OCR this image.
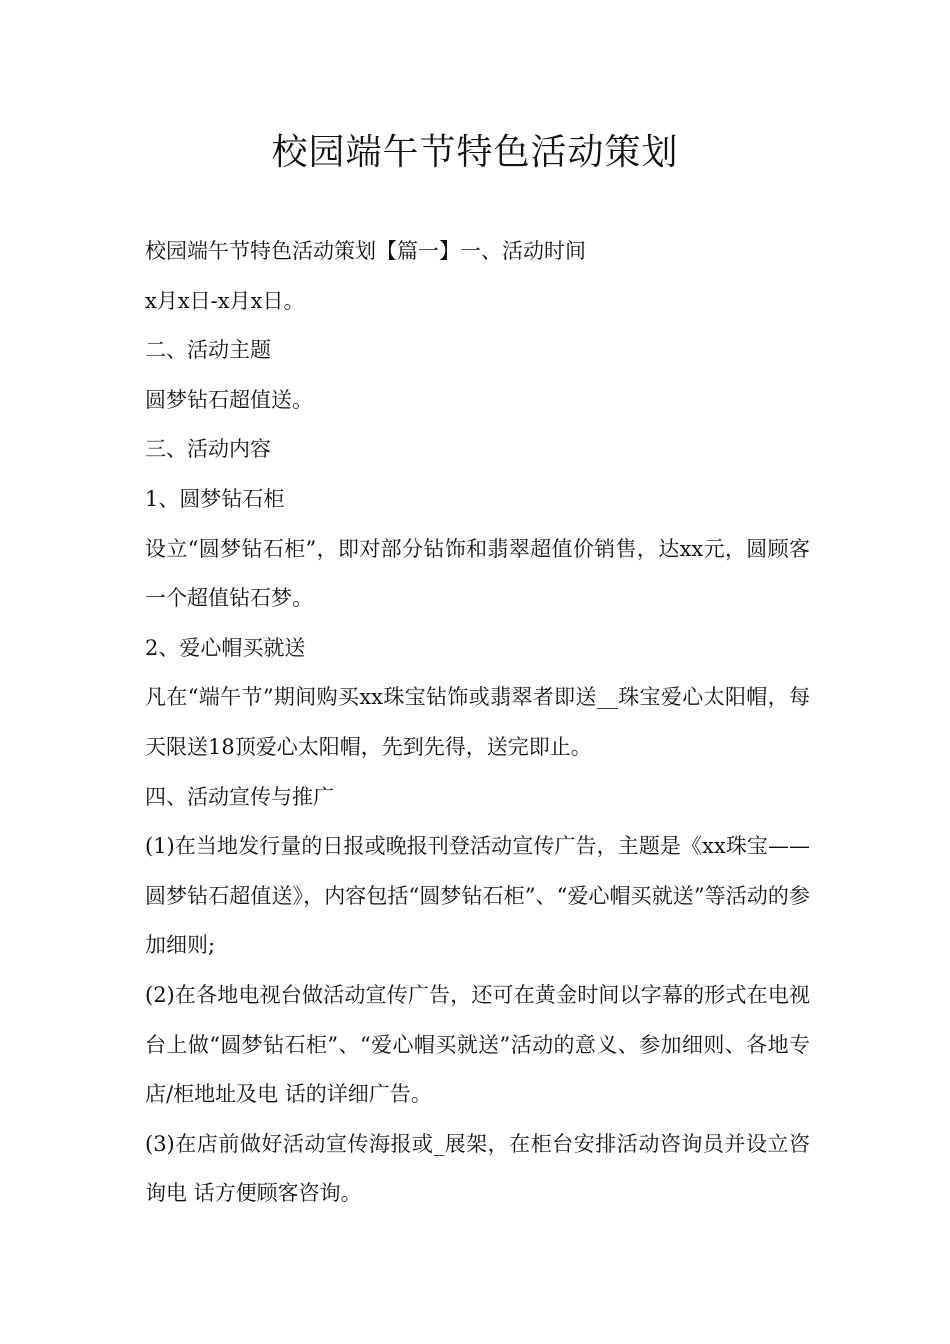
校园端午节特色活动策划

校园端午节特色活动策划【篇一】一、活动时间

x月x日-x月x日。

二、活动主题

圆梦钻石超值送。

三、活动内容

1、圆梦钻石柜

设立“圆梦钻石柜”，即对部分钻饰和翡翠超值价销售，达xx元，圆顾客一个超值钻石梦。

2、爱心帽买就送

凡在“端午节”期间购买xx珠宝钻饰或翡翠者即送__珠宝爱心太阳帽，每天限送18顶爱心太阳帽，先到先得，送完即止。

四、活动宣传与推广

(1)在当地发行量的日报或晚报刊登活动宣传广告，主题是《xx珠宝——圆梦钻石超值送》，内容包括“圆梦钻石柜”、“爱心帽买就送”等活动的参加细则;

(2)在各地电视台做活动宣传广告，还可在黄金时间以字幕的形式在电视台上做“圆梦钻石柜”、“爱心帽买就送”活动的意义、参加细则、各地专店/柜地址及电 话的详细广告。

(3)在店前做好活动宣传海报或_展架，在柜台安排活动咨询员并设立咨询电 话方便顾客咨询。
